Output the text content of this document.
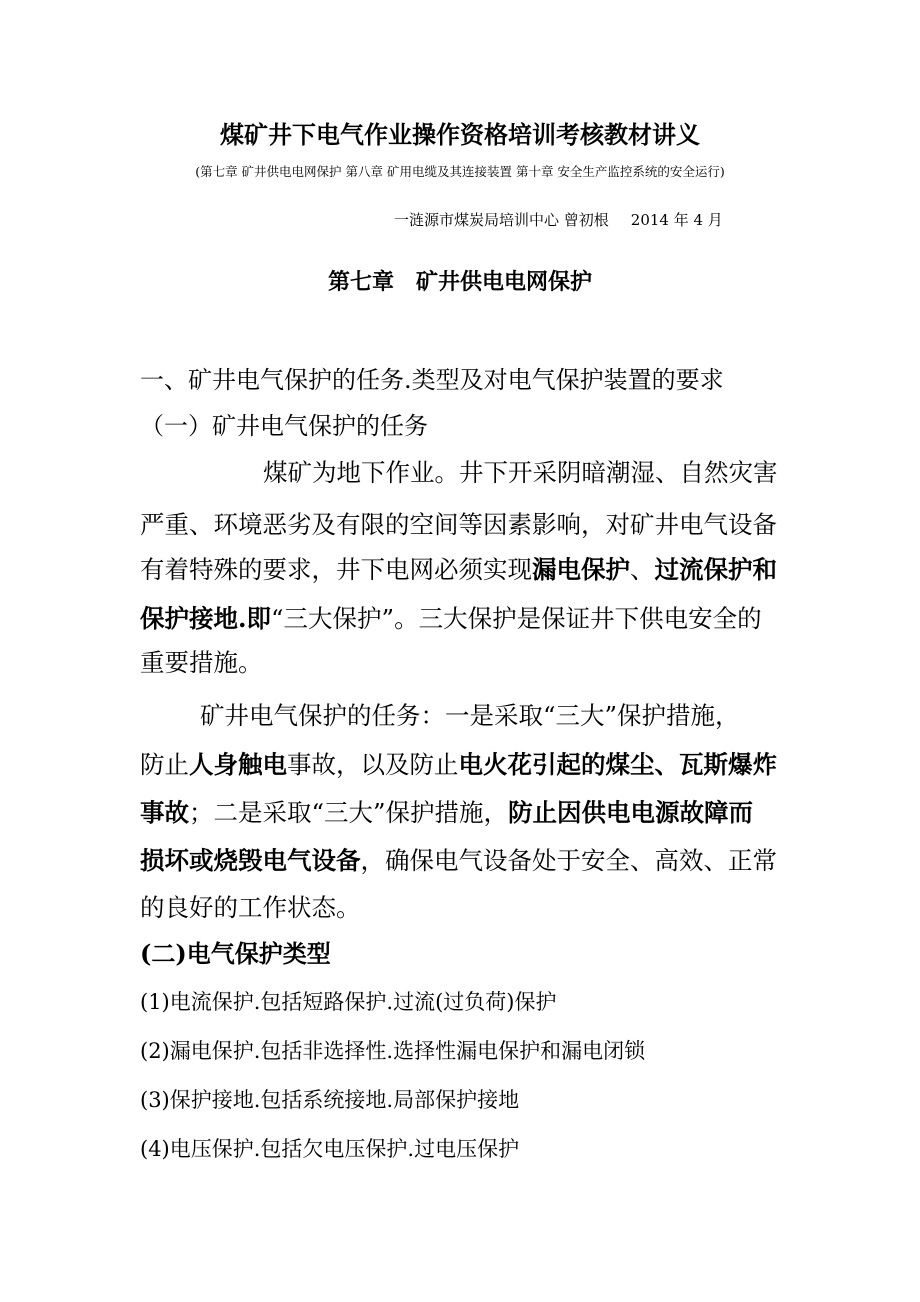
煤矿井下电气作业操作资格培训考核教材讲义

(第七章 矿井供电电网保护 第八章 矿用电缆及其连接装置 第十章 安全生产监控系统的安全运行)

一涟源市煤炭局培训中心 曾初根 2014 年 4 月

第七章 矿井供电电网保护

一、矿井电气保护的任务.类型及对电气保护装置的要求

（一）矿井电气保护的任务

煤矿为地下作业。井下开采阴暗潮湿、自然灾害

严重、环境恶劣及有限的空间等因素影响，对矿井电气设备

有着特殊的要求，井下电网必须实现漏电保护、过流保护和

保护接地.即“三大保护”。三大保护是保证井下供电安全的

重要措施。

矿井电气保护的任务：一是采取“三大”保护措施，

防止人身触电事故，以及防止电火花引起的煤尘、瓦斯爆炸

事故；二是采取“三大”保护措施，防止因供电电源故障而

损坏或烧毁电气设备，确保电气设备处于安全、高效、正常

的良好的工作状态。

(二)电气保护类型

(1)电流保护.包括短路保护.过流(过负荷)保护

(2)漏电保护.包括非选择性.选择性漏电保护和漏电闭锁

(3)保护接地.包括系统接地.局部保护接地

(4)电压保护.包括欠电压保护.过电压保护
